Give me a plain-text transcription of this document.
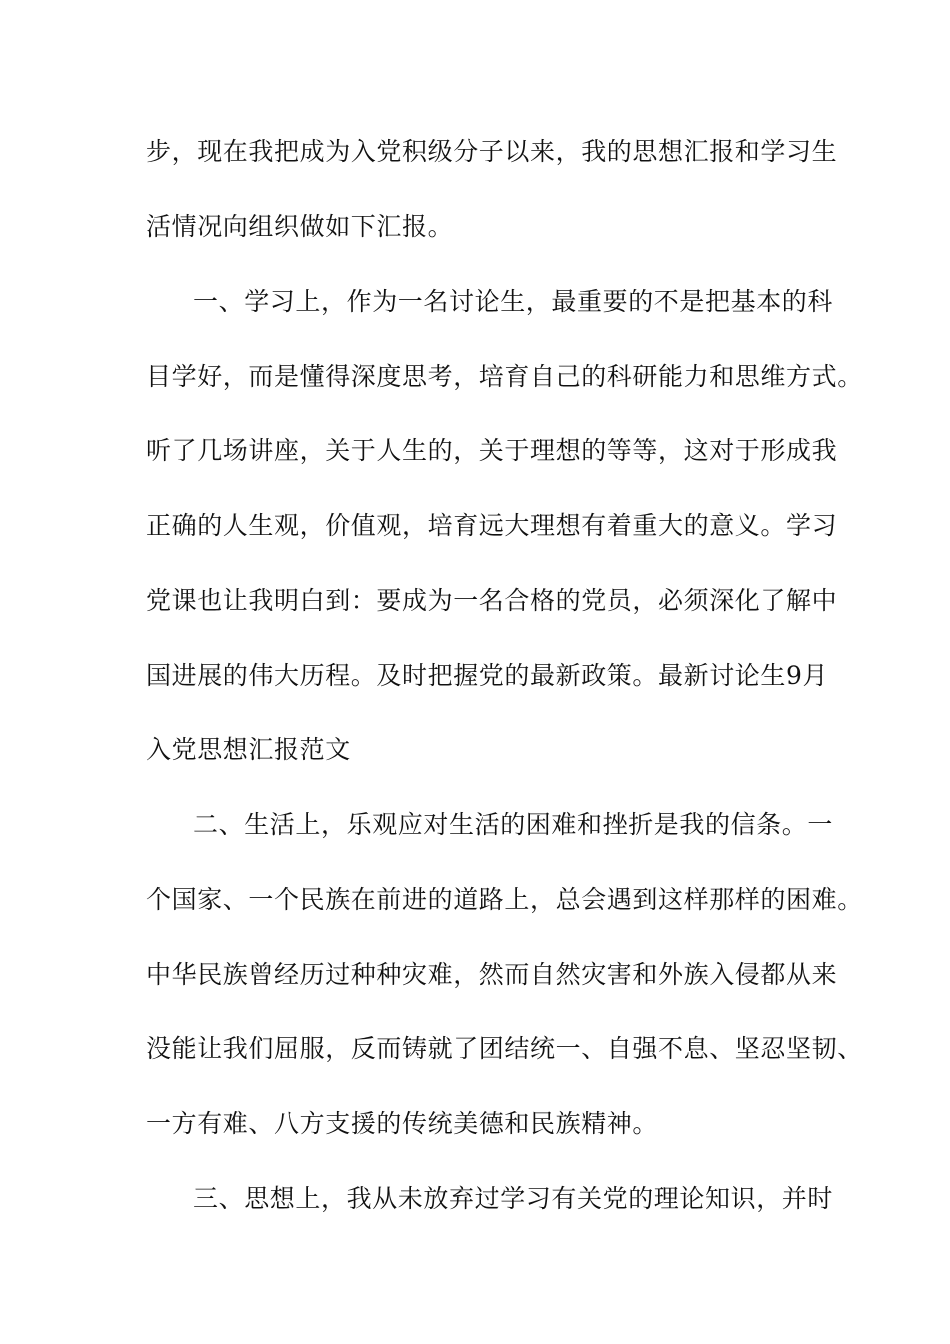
步，现在我把成为入党积级分子以来，我的思想汇报和学习生
活情况向组织做如下汇报。
一、学习上，作为一名讨论生，最重要的不是把基本的科
目学好，而是懂得深度思考，培育自己的科研能力和思维方式。
听了几场讲座，关于人生的，关于理想的等等，这对于形成我
正确的人生观，价值观，培育远大理想有着重大的意义。学习
党课也让我明白到：要成为一名合格的党员，必须深化了解中
国进展的伟大历程。及时把握党的最新政策。最新讨论生9月
入党思想汇报范文
二、生活上，乐观应对生活的困难和挫折是我的信条。一
个国家、一个民族在前进的道路上，总会遇到这样那样的困难。
中华民族曾经历过种种灾难，然而自然灾害和外族入侵都从来
没能让我们屈服，反而铸就了团结统一、自强不息、坚忍坚韧、
一方有难、八方支援的传统美德和民族精神。
三、思想上，我从未放弃过学习有关党的理论知识，并时
